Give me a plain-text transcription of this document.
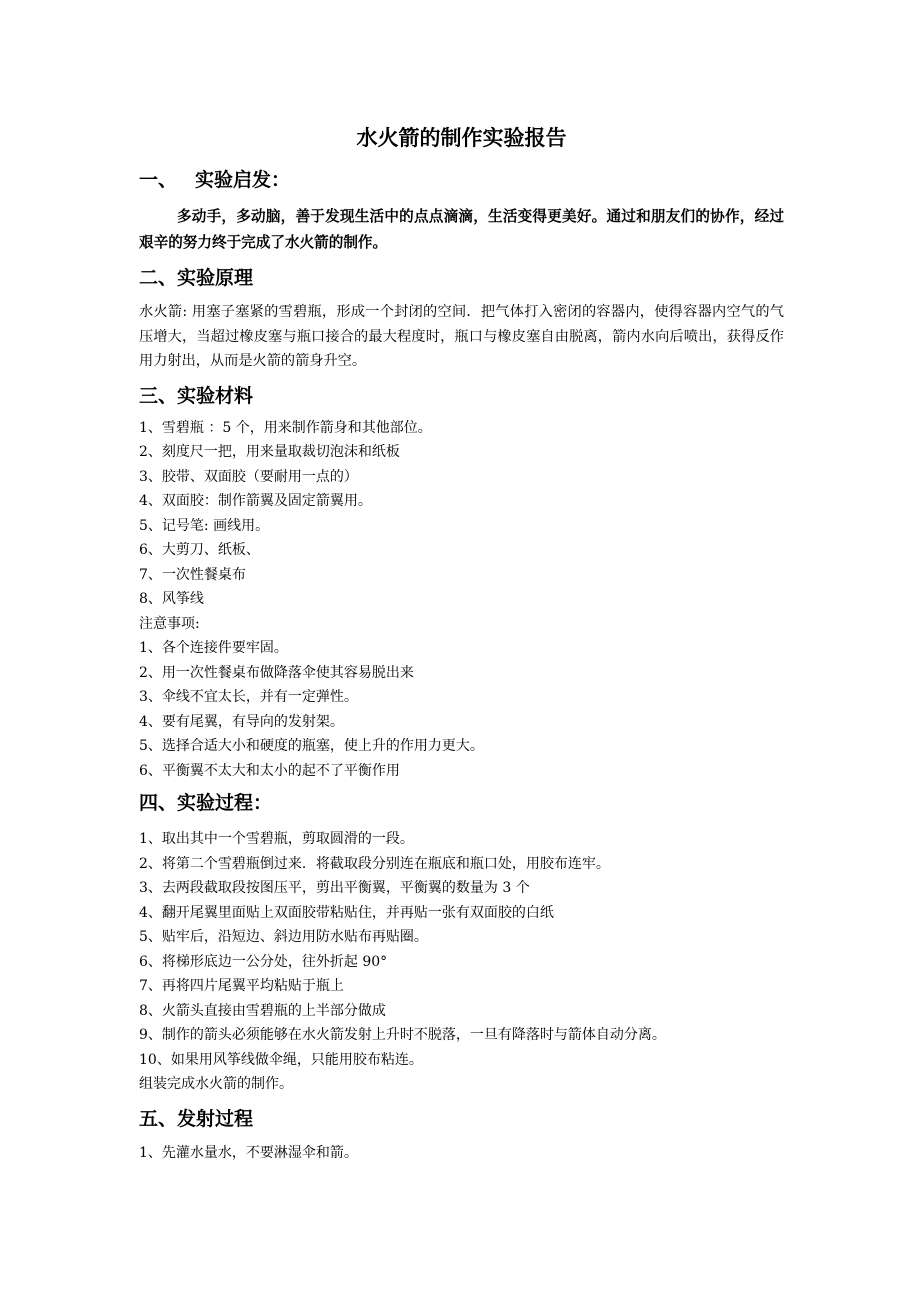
水火箭的制作实验报告
一、 实验启发：

多动手，多动脑，善于发现生活中的点点滴滴，生活变得更美好。通过和朋友们的协作，经过艰辛的努力终于完成了水火箭的制作。

二、实验原理

水火箭: 用塞子塞紧的雪碧瓶，形成一个封闭的空间．把气体打入密闭的容器内，使得容器内空气的气压增大，当超过橡皮塞与瓶口接合的最大程度时，瓶口与橡皮塞自由脱离，箭内水向后喷出，获得反作用力射出，从而是火箭的箭身升空。

三、实验材料

1、雪碧瓶 ：5 个，用来制作箭身和其他部位。

2、刻度尺一把，用来量取裁切泡沫和纸板

3、胶带、双面胶（要耐用一点的）

4、双面胶：制作箭翼及固定箭翼用。

5、记号笔: 画线用。

6、大剪刀、纸板、

7、一次性餐桌布

8、风筝线

注意事项:

1、各个连接件要牢固。

2、用一次性餐桌布做降落伞使其容易脱出来

3、伞线不宜太长，并有一定弹性。

4、要有尾翼，有导向的发射架。

5、选择合适大小和硬度的瓶塞，使上升的作用力更大。

6、平衡翼不太大和太小的起不了平衡作用

四、实验过程：

1、取出其中一个雪碧瓶，剪取圆滑的一段。

2、将第二个雪碧瓶倒过来．将截取段分别连在瓶底和瓶口处，用胶布连牢。

3、去两段截取段按图压平，剪出平衡翼，平衡翼的数量为 3 个

4、翻开尾翼里面贴上双面胶带粘贴住，并再贴一张有双面胶的白纸

5、贴牢后，沿短边、斜边用防水贴布再贴圈。

6、将梯形底边一公分处，往外折起 90°

7、再将四片尾翼平均粘贴于瓶上

8、火箭头直接由雪碧瓶的上半部分做成

9、制作的箭头必须能够在水火箭发射上升时不脱落，一旦有降落时与箭体自动分离。

10、如果用风筝线做伞绳，只能用胶布粘连。

组装完成水火箭的制作。

五、发射过程

1、先灌水量水，不要淋湿伞和箭。
